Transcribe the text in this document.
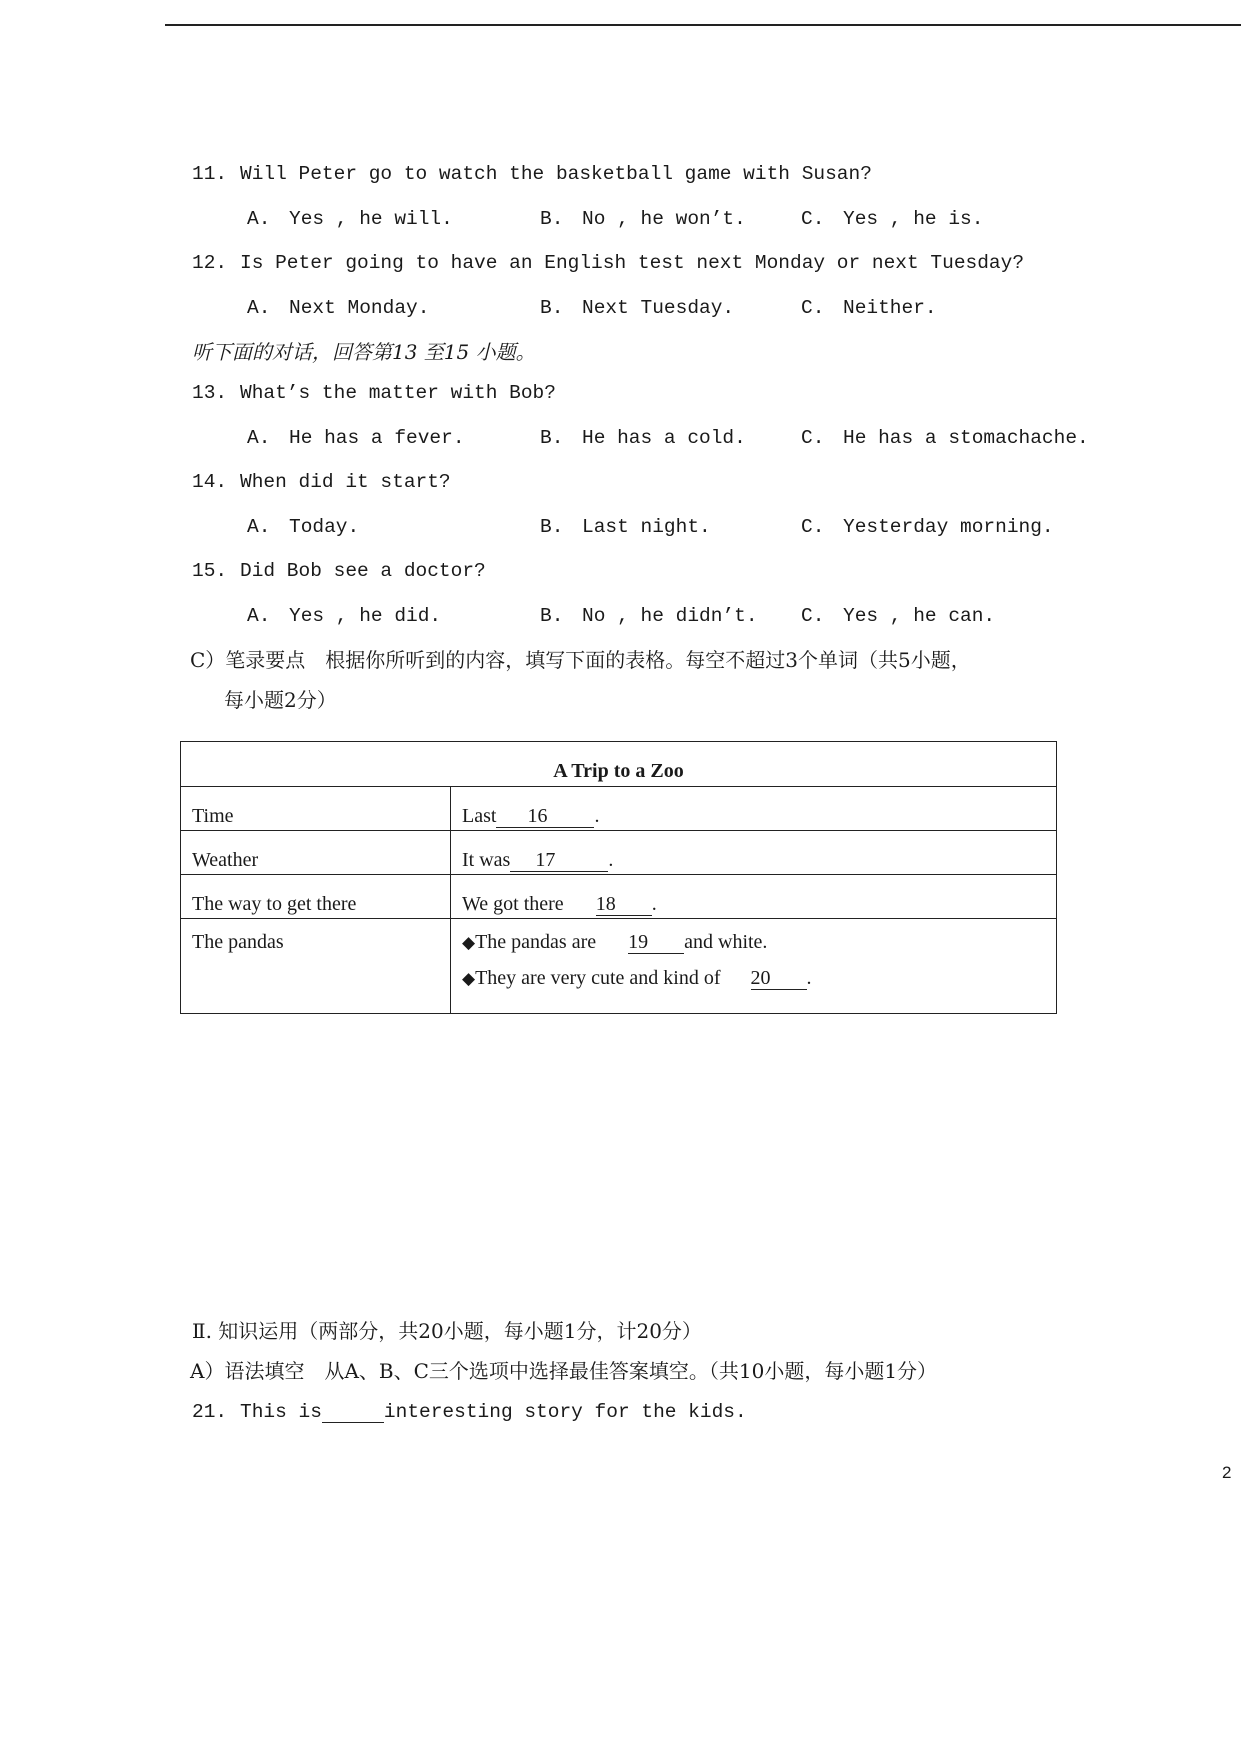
11. Will Peter go to watch the basketball game with Susan?
A. Yes , he will.	B. No , he won’t.	C. Yes , he is.
12. Is Peter going to have an English test next Monday or next Tuesday?
A. Next Monday.	B. Next Tuesday.	C. Neither.
听下面的对话，回答第13 至15 小题。
13. What’s the matter with Bob?
A. He has a fever.	B. He has a cold.	C. He has a stomachache.
14. When did it start?
A. Today.	B. Last night.	C. Yesterday morning.
15. Did Bob see a doctor?
A. Yes , he did.	B. No , he didn’t. C. Yes , he can.
C）笔录要点　根据你所听到的内容，填写下面的表格。每空不超过3个单词（共5小题，
每小题2分）
A Trip to a Zoo	
Time	Last 16 .
Weather	It was 17 .
The way to get there	We got there 18 .
The pandas	◆The pandas are 19 and white.
◆They are very cute and kind of 20 .
Ⅱ. 知识运用（两部分，共20小题，每小题1分，计20分）
A）语法填空　从A、B、C三个选项中选择最佳答案填空。（共10小题，每小题1分）
21. This is	interesting story for the kids.
2
